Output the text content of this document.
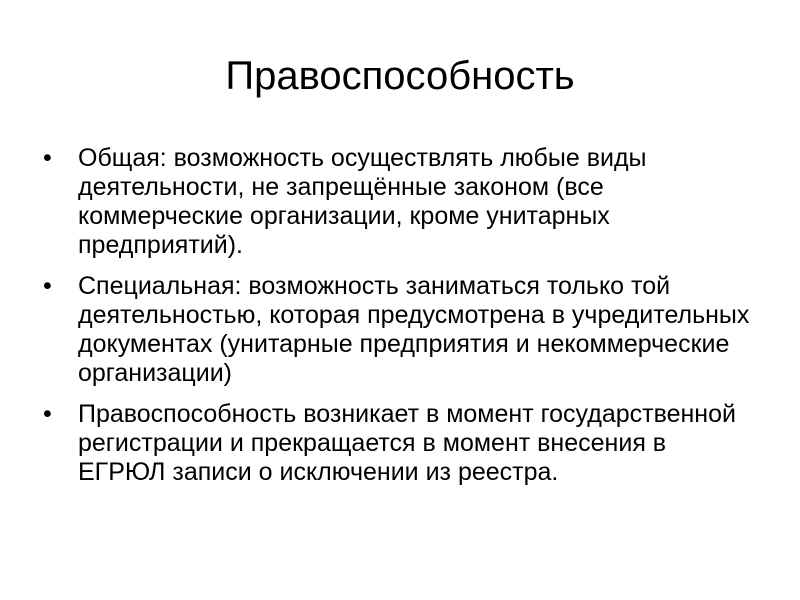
Правоспособность
•	Общая: возможность осуществлять любые виды деятельности, не запрещённые законом (все коммерческие организации, кроме унитарных предприятий).
•	Специальная: возможность заниматься только той деятельностью, которая предусмотрена в учредительных документах (унитарные предприятия и некоммерческие организации)
•	Правоспособность возникает в момент государственной регистрации и прекращается в момент внесения в ЕГРЮЛ записи о исключении из реестра.
